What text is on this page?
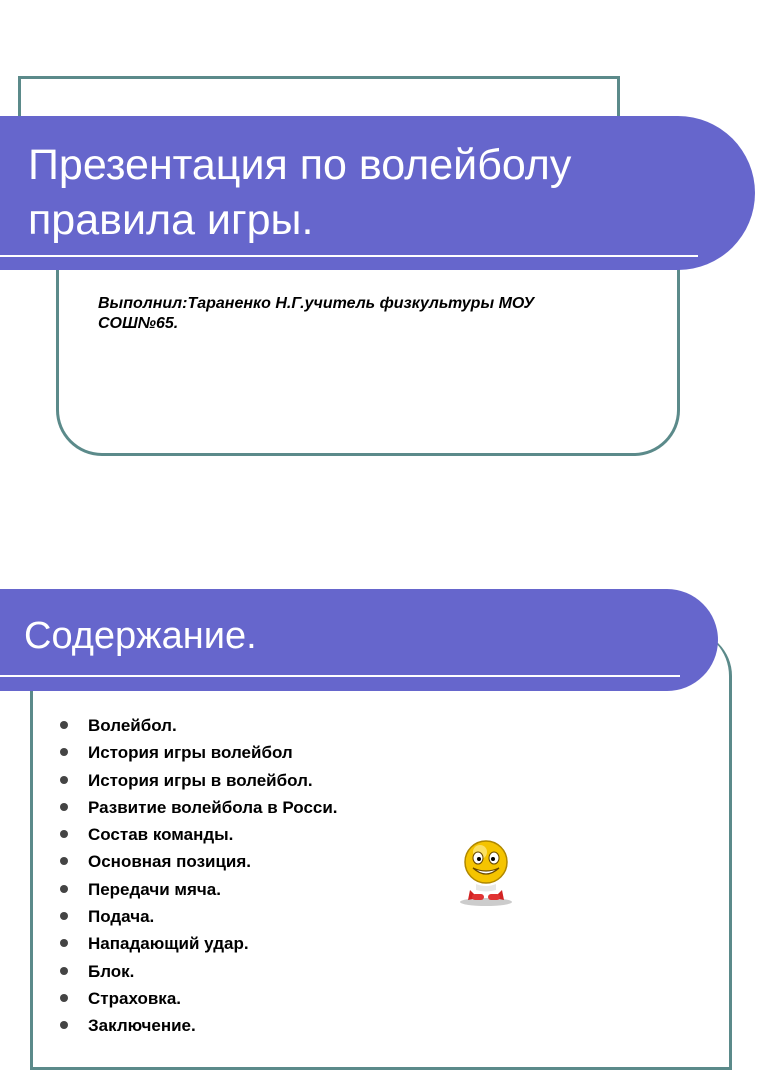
Презентация по волейболу
правила игры.

Выполнил:Тараненко Н.Г.учитель физкультуры МОУ
СОШ№65.

Содержание.
Волейбол.
История игры волейбол
История игры в волейбол.
Развитие волейбола в Росси.
Состав команды.
Основная позиция.
Передачи мяча.
Подача.
Нападающий удар.
Блок.
Страховка.
Заключение.
